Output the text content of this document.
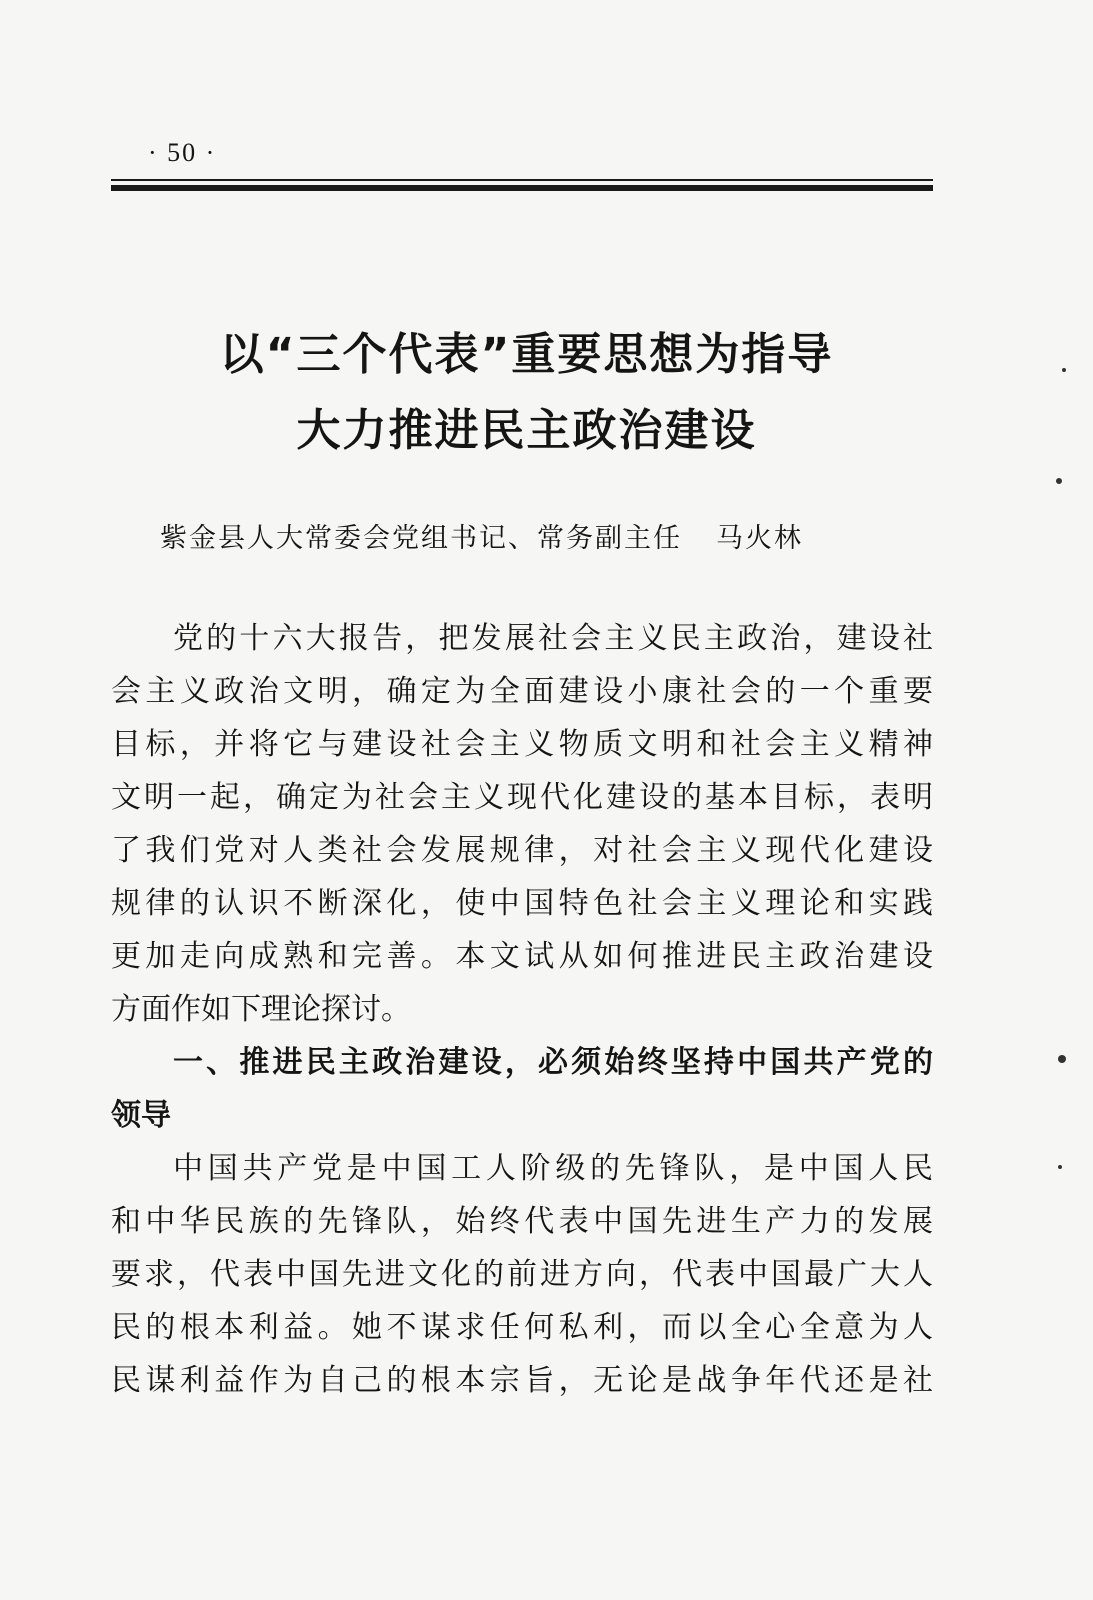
· 50 ·
以“三个代表”重要思想为指导
大力推进民主政治建设
紫金县人大常委会党组书记、常务副主任 马火林
党的十六大报告，把发展社会主义民主政治，建设社
会主义政治文明，确定为全面建设小康社会的一个重要
目标，并将它与建设社会主义物质文明和社会主义精神
文明一起，确定为社会主义现代化建设的基本目标，表明
了我们党对人类社会发展规律，对社会主义现代化建设
规律的认识不断深化，使中国特色社会主义理论和实践
更加走向成熟和完善。本文试从如何推进民主政治建设
方面作如下理论探讨。
一、推进民主政治建设，必须始终坚持中国共产党的
领导
中国共产党是中国工人阶级的先锋队，是中国人民
和中华民族的先锋队，始终代表中国先进生产力的发展
要求，代表中国先进文化的前进方向，代表中国最广大人
民的根本利益。她不谋求任何私利，而以全心全意为人
民谋利益作为自己的根本宗旨，无论是战争年代还是社
